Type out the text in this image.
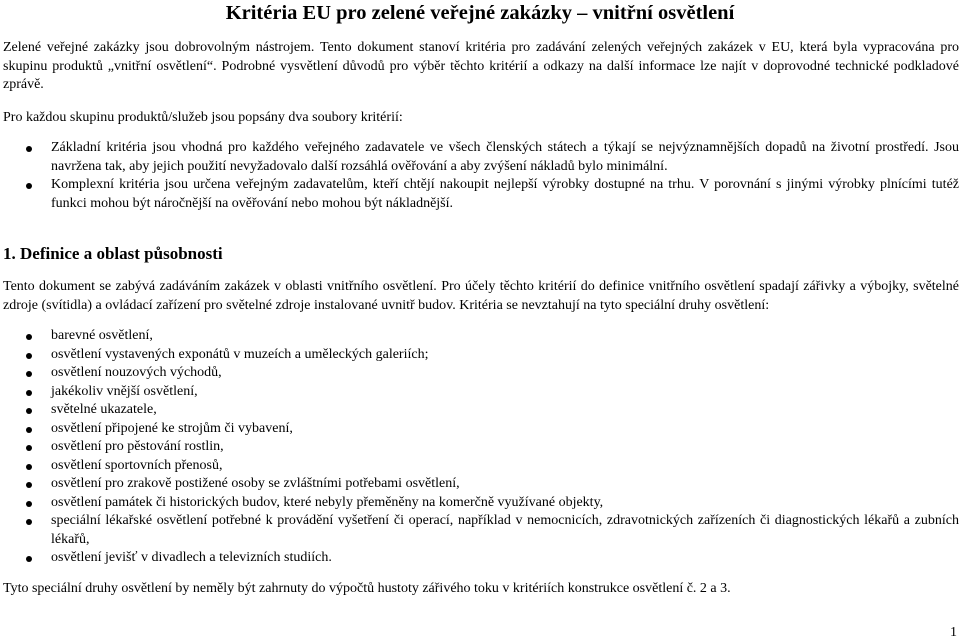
Kritéria EU pro zelené veřejné zakázky – vnitřní osvětlení

Zelené veřejné zakázky jsou dobrovolným nástrojem. Tento dokument stanoví kritéria pro zadávání zelených veřejných zakázek v EU, která byla vypracována pro skupinu produktů „vnitřní osvětlení“. Podrobné vysvětlení důvodů pro výběr těchto kritérií a odkazy na další informace lze najít v doprovodné technické podkladové zprávě.

Pro každou skupinu produktů/služeb jsou popsány dva soubory kritérií:

Základní kritéria jsou vhodná pro každého veřejného zadavatele ve všech členských státech a týkají se nejvýznamnějších dopadů na životní prostředí. Jsou navržena tak, aby jejich použití nevyžadovalo další rozsáhlá ověřování a aby zvýšení nákladů bylo minimální.
Komplexní kritéria jsou určena veřejným zadavatelům, kteří chtějí nakoupit nejlepší výrobky dostupné na trhu. V porovnání s jinými výrobky plnícími tutéž funkci mohou být náročnější na ověřování nebo mohou být nákladnější.
1. Definice a oblast působnosti

Tento dokument se zabývá zadáváním zakázek v oblasti vnitřního osvětlení. Pro účely těchto kritérií do definice vnitřního osvětlení spadají zářivky a výbojky, světelné zdroje (svítidla) a ovládací zařízení pro světelné zdroje instalované uvnitř budov. Kritéria se nevztahují na tyto speciální druhy osvětlení:

barevné osvětlení,
osvětlení vystavených exponátů v muzeích a uměleckých galeriích;
osvětlení nouzových východů,
jakékoliv vnější osvětlení,
světelné ukazatele,
osvětlení připojené ke strojům či vybavení,
osvětlení pro pěstování rostlin,
osvětlení sportovních přenosů,
osvětlení pro zrakově postižené osoby se zvláštními potřebami osvětlení,
osvětlení památek či historických budov, které nebyly přeměněny na komerčně využívané objekty,
speciální lékařské osvětlení potřebné k provádění vyšetření či operací, například v nemocnicích, zdravotnických zařízeních či diagnostických lékařů a zubních lékařů,
osvětlení jevišť v divadlech a televizních studiích.

Tyto speciální druhy osvětlení by neměly být zahrnuty do výpočtů hustoty zářivého toku v kritériích konstrukce osvětlení č. 2 a 3.

1
